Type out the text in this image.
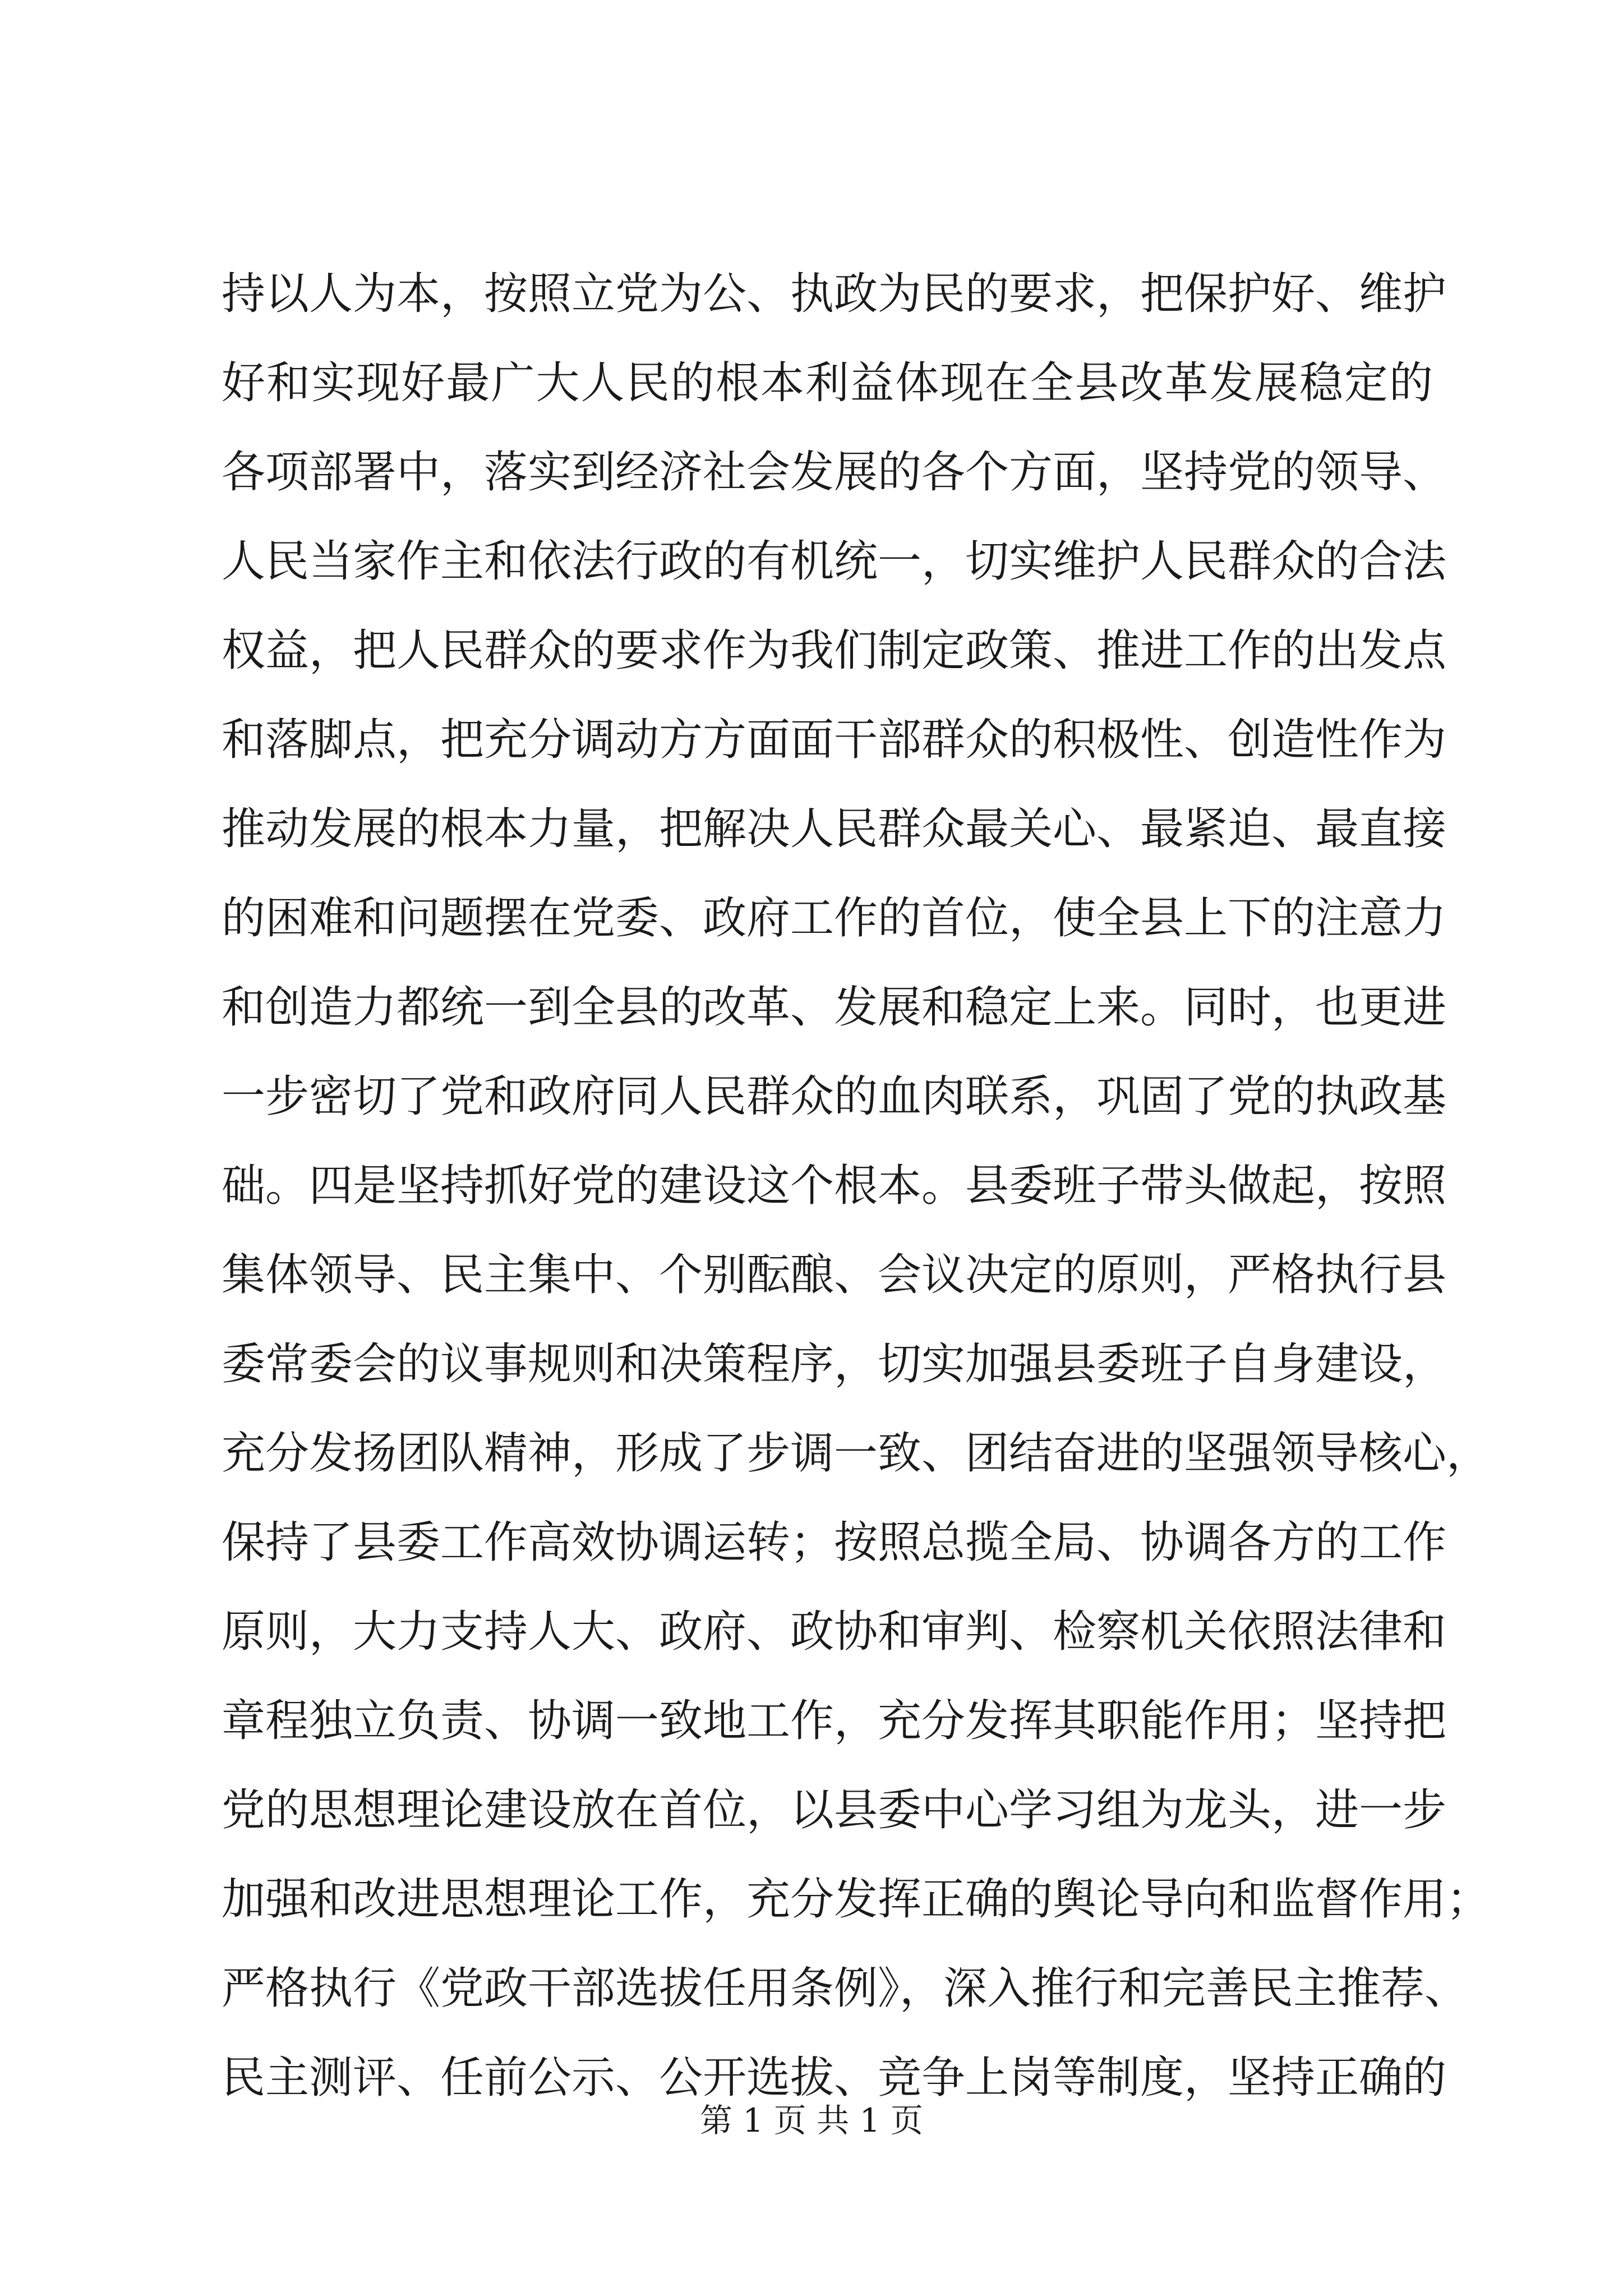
持以人为本，按照立党为公、执政为民的要求，把保护好、维护
好和实现好最广大人民的根本利益体现在全县改革发展稳定的
各项部署中，落实到经济社会发展的各个方面，坚持党的领导、
人民当家作主和依法行政的有机统一，切实维护人民群众的合法
权益，把人民群众的要求作为我们制定政策、推进工作的出发点
和落脚点，把充分调动方方面面干部群众的积极性、创造性作为
推动发展的根本力量，把解决人民群众最关心、最紧迫、最直接
的困难和问题摆在党委、政府工作的首位，使全县上下的注意力
和创造力都统一到全县的改革、发展和稳定上来。同时，也更进
一步密切了党和政府同人民群众的血肉联系，巩固了党的执政基
础。四是坚持抓好党的建设这个根本。县委班子带头做起，按照
集体领导、民主集中、个别酝酿、会议决定的原则，严格执行县
委常委会的议事规则和决策程序，切实加强县委班子自身建设，
充分发扬团队精神，形成了步调一致、团结奋进的坚强领导核心，
保持了县委工作高效协调运转；按照总揽全局、协调各方的工作
原则，大力支持人大、政府、政协和审判、检察机关依照法律和
章程独立负责、协调一致地工作，充分发挥其职能作用；坚持把
党的思想理论建设放在首位，以县委中心学习组为龙头，进一步
加强和改进思想理论工作，充分发挥正确的舆论导向和监督作用；
严格执行《党政干部选拔任用条例》，深入推行和完善民主推荐、
民主测评、任前公示、公开选拔、竞争上岗等制度，坚持正确的
第 1 页 共 1 页
